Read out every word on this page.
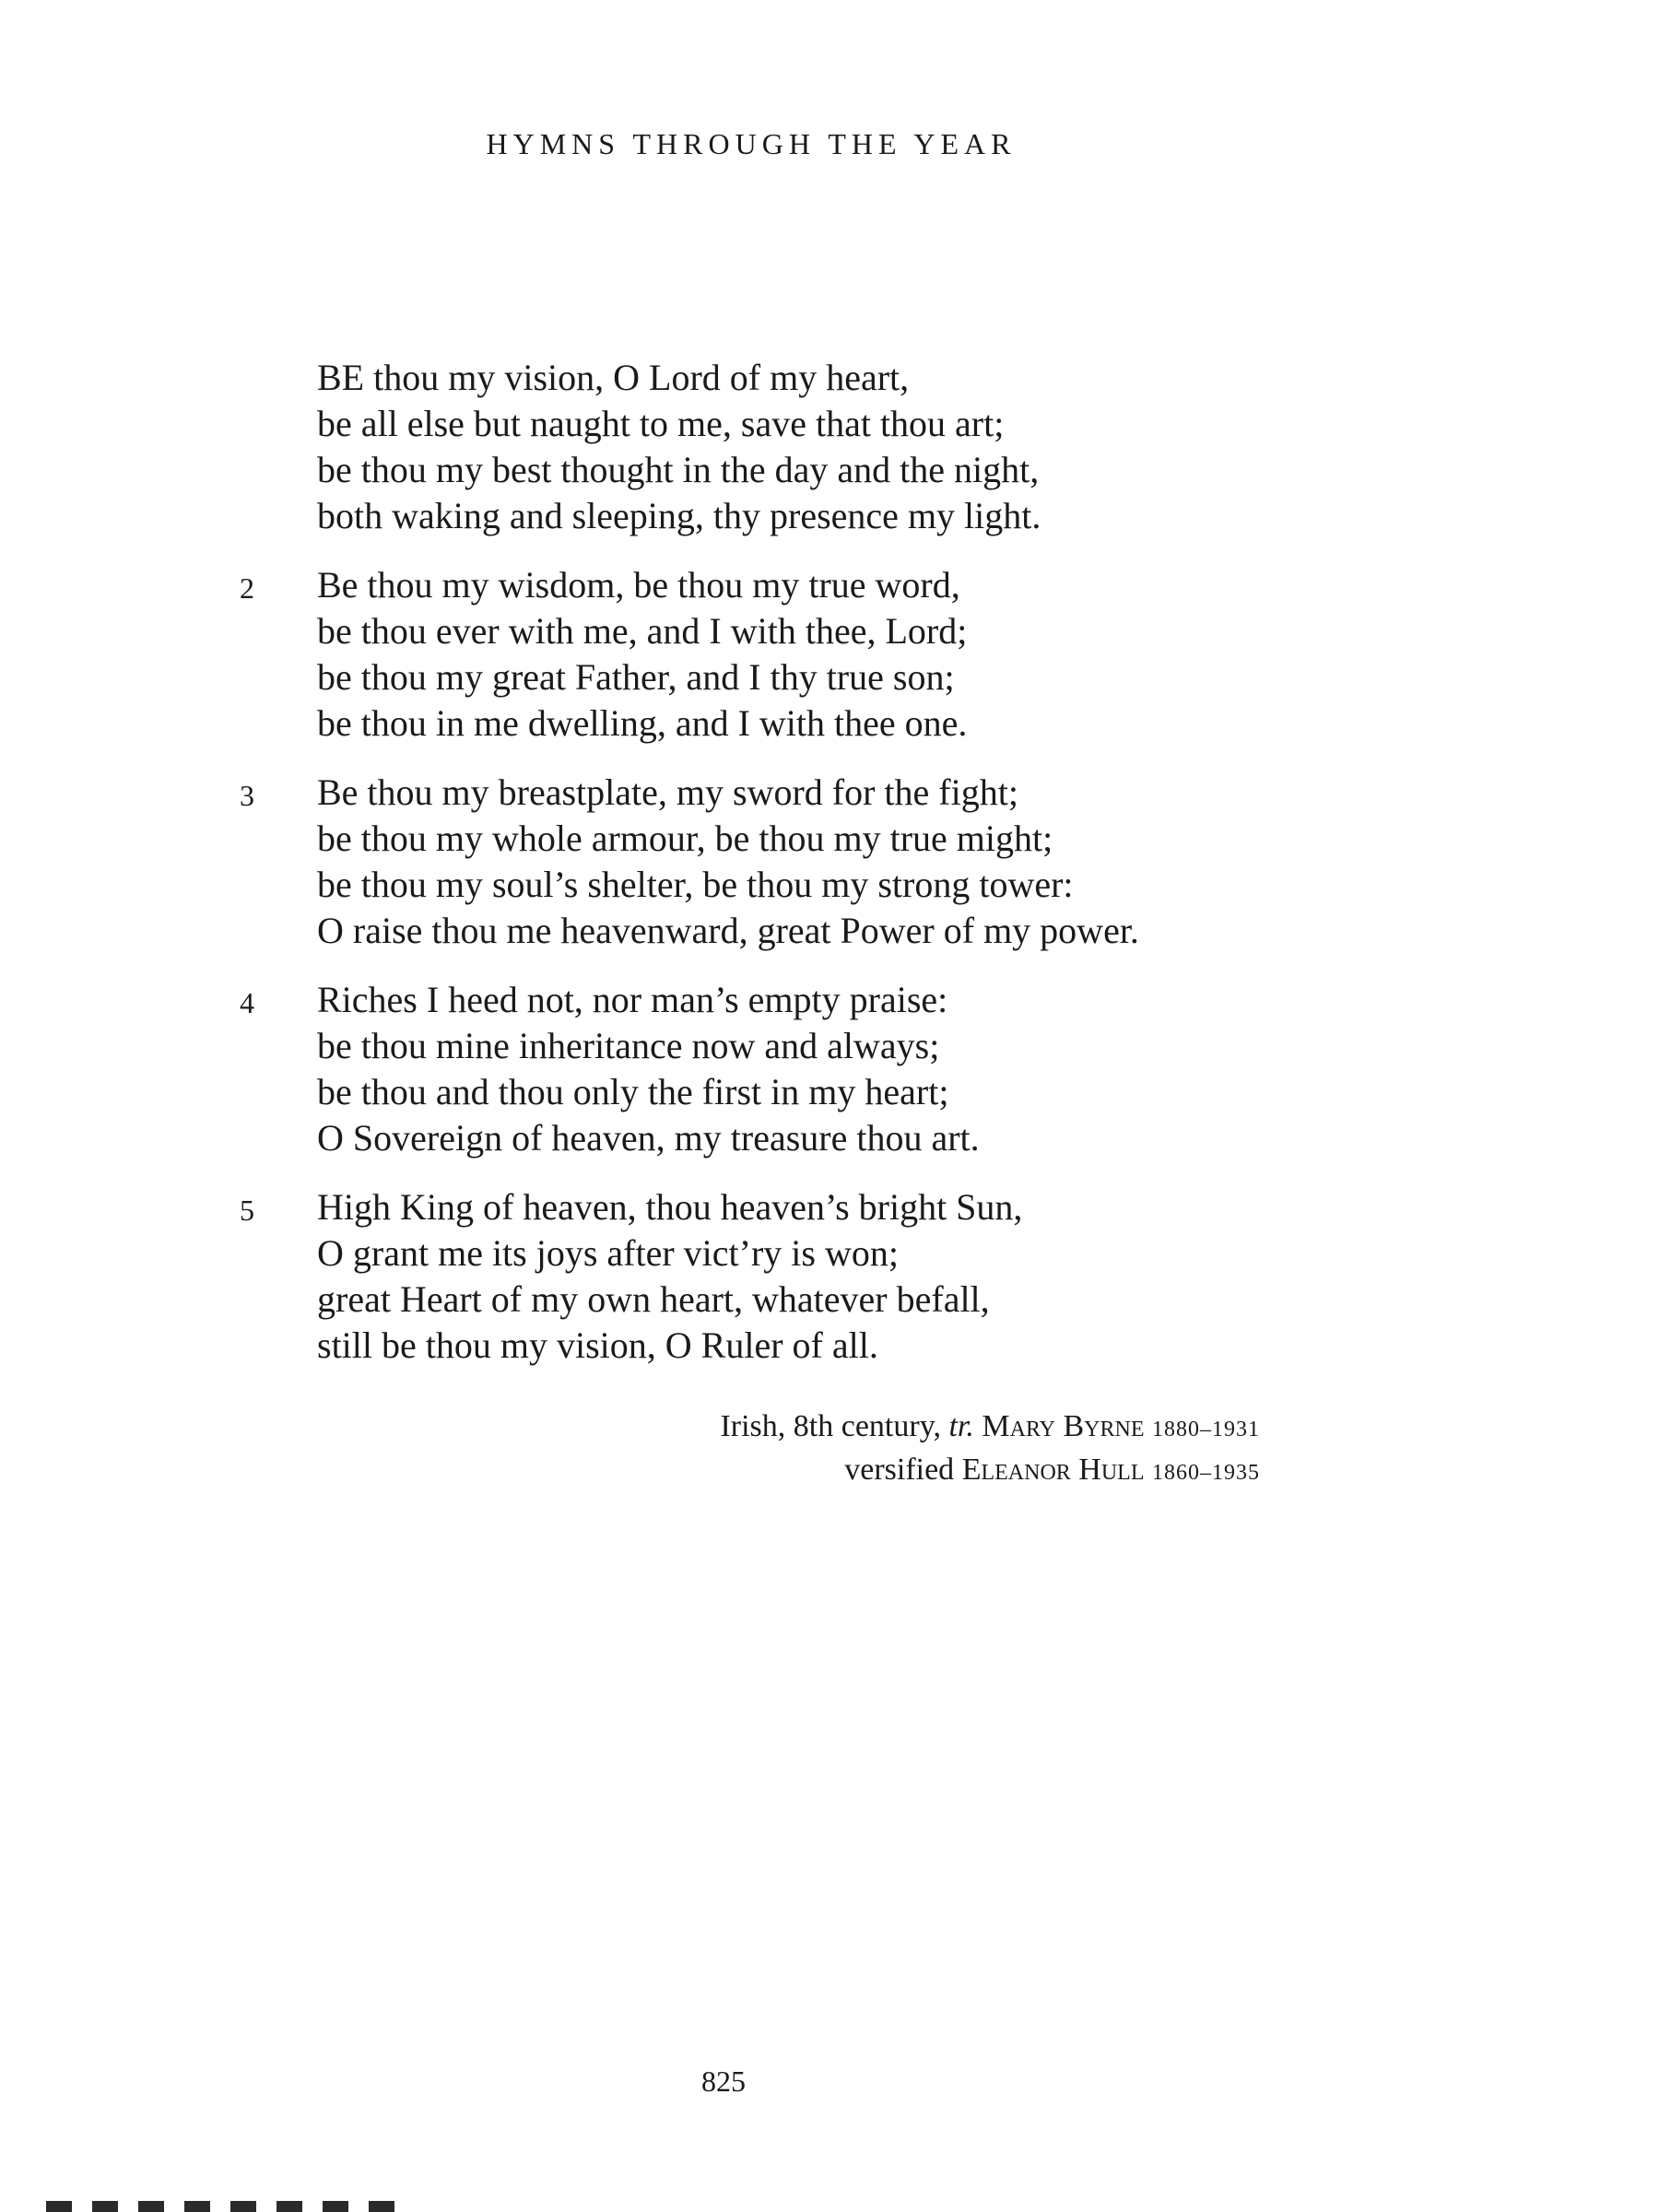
HYMNS THROUGH THE YEAR
BE thou my vision, O Lord of my heart,
be all else but naught to me, save that thou art;
be thou my best thought in the day and the night,
both waking and sleeping, thy presence my light.
2	Be thou my wisdom, be thou my true word,
be thou ever with me, and I with thee, Lord;
be thou my great Father, and I thy true son;
be thou in me dwelling, and I with thee one.
3	Be thou my breastplate, my sword for the fight;
be thou my whole armour, be thou my true might;
be thou my soul’s shelter, be thou my strong tower:
O raise thou me heavenward, great Power of my power.
4	Riches I heed not, nor man’s empty praise:
be thou mine inheritance now and always;
be thou and thou only the first in my heart;
O Sovereign of heaven, my treasure thou art.
5	High King of heaven, thou heaven’s bright Sun,
O grant me its joys after vict’ry is won;
great Heart of my own heart, whatever befall,
still be thou my vision, O Ruler of all.
Irish, 8th century, tr. Mary Byrne 1880–1931
versified Eleanor Hull 1860–1935
825
